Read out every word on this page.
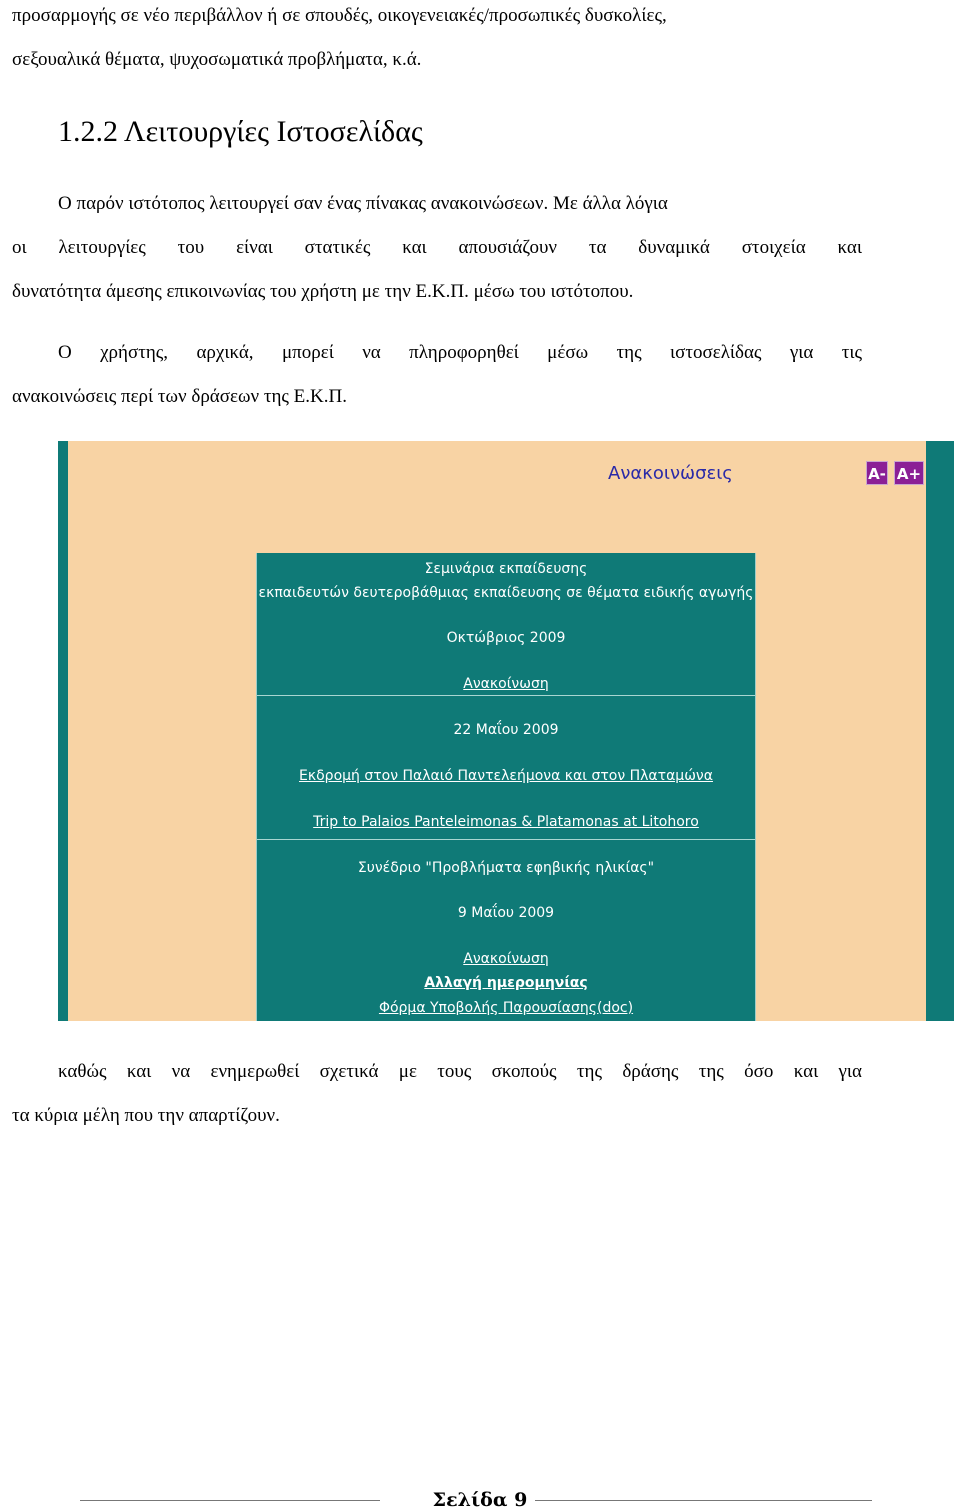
προσαρμογής σε νέο περιβάλλον ή σε σπουδές, οικογενειακές/προσωπικές δυσκολίες,
σεξουαλικά θέματα, ψυχοσωματικά προβλήματα, κ.ά.
1.2.2 Λειτουργίες Ιστοσελίδας
Ο παρόν ιστότοπος λειτουργεί σαν ένας πίνακας ανακοινώσεων. Με άλλα λόγια
οι λειτουργίες του είναι στατικές και απουσιάζουν τα δυναμικά στοιχεία και
δυνατότητα άμεσης επικοινωνίας του χρήστη με την Ε.Κ.Π. μέσω του ιστότοπου.
Ο χρήστης, αρχικά, μπορεί να πληροφορηθεί μέσω της ιστοσελίδας για τις
ανακοινώσεις περί των δράσεων της Ε.Κ.Π.
Ανακοινώσεις	A- A+
Σεμινάρια εκπαίδευσης
εκπαιδευτών δευτεροβάθμιας εκπαίδευσης σε θέματα ειδικής αγωγής
Οκτώβριος 2009
Ανακοίνωση
22 Μαΐου 2009
Εκδρομή στον Παλαιό Παντελεήμονα και στον Πλαταμώνα
Trip to Palaios Panteleimonas & Platamonas at Litohoro
Συνέδριο "Προβλήματα εφηβικής ηλικίας"
9 Μαΐου 2009
Ανακοίνωση
Αλλαγή ημερομηνίας
Φόρμα Υποβολής Παρουσίασης(doc)
καθώς και να ενημερωθεί σχετικά με τους σκοπούς της δράσης της όσο και για
τα κύρια μέλη που την απαρτίζουν.
Σελίδα 9
